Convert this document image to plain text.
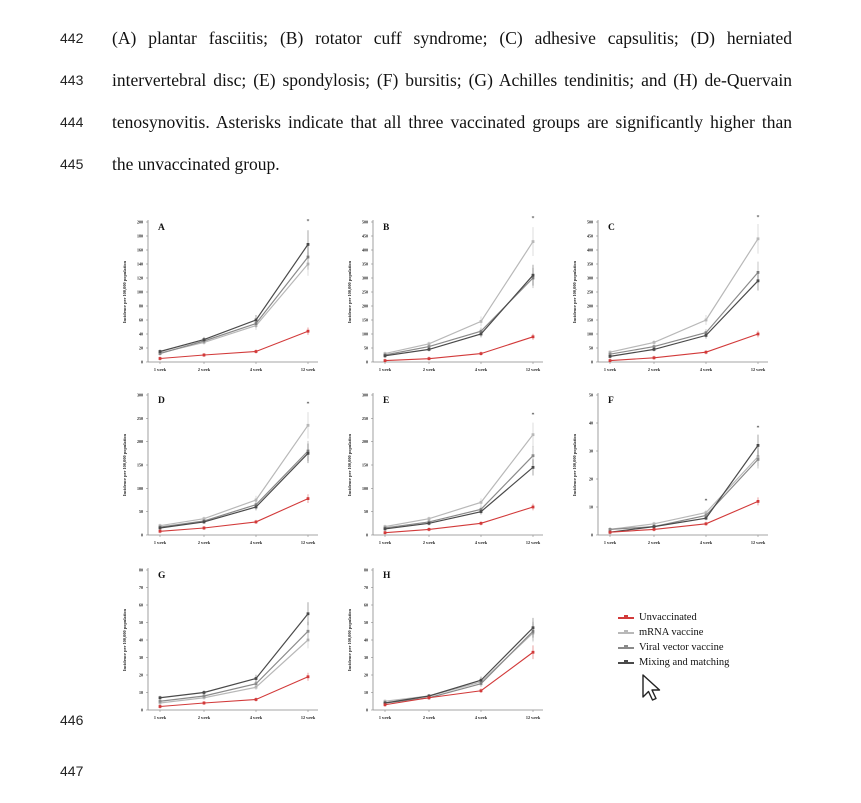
442 (A) plantar fasciitis; (B) rotator cuff syndrome; (C) adhesive capsulitis; (D) herniated
443 intervertebral disc; (E) spondylosis; (F) bursitis; (G) Achilles tendinitis; and (H) de-Quervain
444 tenosynovitis. Asterisks indicate that all three vaccinated groups are significantly higher than
445 the unvaccinated group.
446
447
0
20
40
60
80
100
120
140
160
180
200
1 week	2 week	4 week	12 week
Incidence per 100,000 population
A
*
0
50
100
150
200
250
300
350
400
450
500
1 week	2 week	4 week	12 week
Incidence per 100,000 population
B
*
0
50
100
150
200
250
300
350
400
450
500
1 week	2 week	4 week	12 week
Incidence per 100,000 population
C
*
0
50
100
150
200
250
300
1 week	2 week	4 week	12 week
Incidence per 100,000 population
D	*
0
50
100
150
200
250
300
1 week	2 week	4 week	12 week
Incidence per 100,000 population
E
*
0
10
20
30
40
50
1 week	2 week	4 week	12 week
Incidence per 100,000 population
F
*
*
0
10
20
30
40
50
60
70
80
1 week	2 week	4 week	12 week
Incidence per 100,000 population
G
0
10
20
30
40
50
60
70
80
1 week	2 week	4 week	12 week
Incidence per 100,000 population
H
Unvaccinated
mRNA vaccine
Viral vector vaccine
Mixing and matching
